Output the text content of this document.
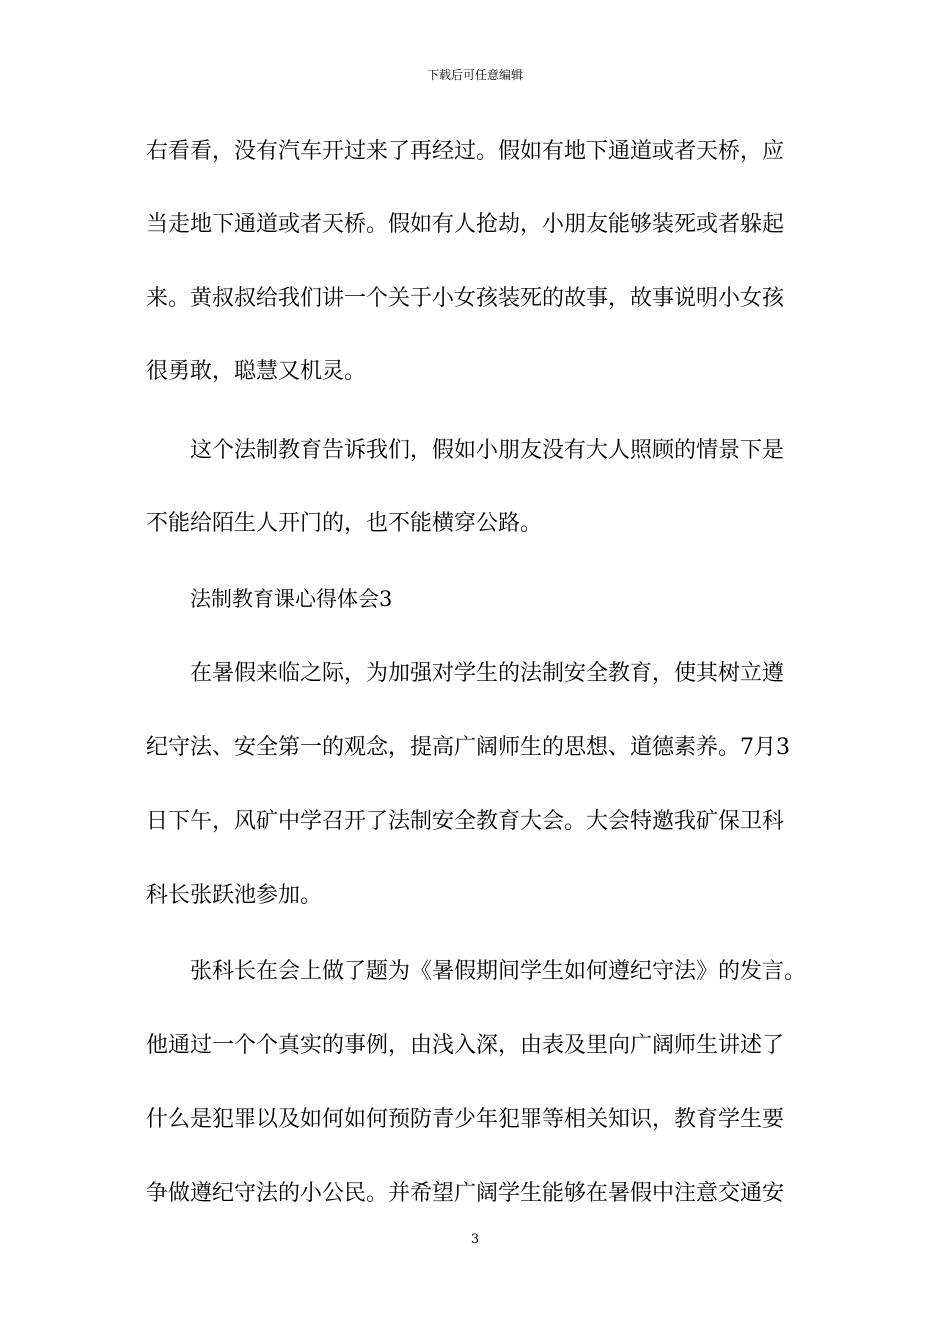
下载后可任意编辑
右看看，没有汽车开过来了再经过。假如有地下通道或者天桥，应
当走地下通道或者天桥。假如有人抢劫，小朋友能够装死或者躲起
来。黄叔叔给我们讲一个关于小女孩装死的故事，故事说明小女孩
很勇敢，聪慧又机灵。
这个法制教育告诉我们，假如小朋友没有大人照顾的情景下是
不能给陌生人开门的，也不能横穿公路。
法制教育课心得体会3
在暑假来临之际，为加强对学生的法制安全教育，使其树立遵
纪守法、安全第一的观念，提高广阔师生的思想、道德素养。7月3
日下午，风矿中学召开了法制安全教育大会。大会特邀我矿保卫科
科长张跃池参加。
张科长在会上做了题为《暑假期间学生如何遵纪守法》的发言。
他通过一个个真实的事例，由浅入深，由表及里向广阔师生讲述了
什么是犯罪以及如何如何预防青少年犯罪等相关知识，教育学生要
争做遵纪守法的小公民。并希望广阔学生能够在暑假中注意交通安
3
